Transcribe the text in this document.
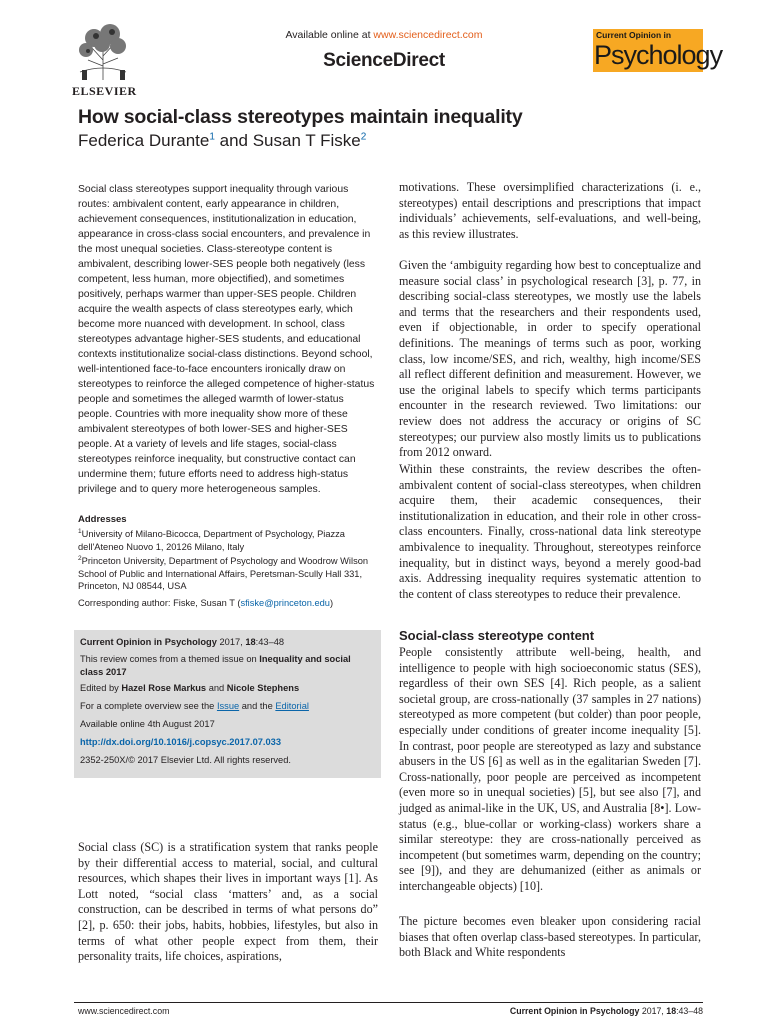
ELSEVIER
Available online at www.sciencedirect.com
ScienceDirect
Current Opinion in
Psychology
How social-class stereotypes maintain inequality
Federica Durante$^1$ and Susan T Fiske$^2$
Social class stereotypes support inequality through various routes: ambivalent content, early appearance in children, achievement consequences, institutionalization in education, appearance in cross-class social encounters, and prevalence in the most unequal societies. Class-stereotype content is ambivalent, describing lower-SES people both negatively (less competent, less human, more objectified), and sometimes positively, perhaps warmer than upper-SES people. Children acquire the wealth aspects of class stereotypes early, which become more nuanced with development. In school, class stereotypes advantage higher-SES students, and educational contexts institutionalize social-class distinctions. Beyond school, well-intentioned face-to-face encounters ironically draw on stereotypes to reinforce the alleged competence of higher-status people and sometimes the alleged warmth of lower-status people. Countries with more inequality show more of these ambivalent stereotypes of both lower-SES and higher-SES people. At a variety of levels and life stages, social-class stereotypes reinforce inequality, but constructive contact can undermine them; future efforts need to address high-status privilege and to query more heterogeneous samples.
Addresses

$^1$University of Milano-Bicocca, Department of Psychology, Piazza dell'Ateneo Nuovo 1, 20126 Milano, Italy

$^2$Princeton University, Department of Psychology and Woodrow Wilson School of Public and International Affairs, Peretsman-Scully Hall 331, Princeton, NJ 08544, USA

Corresponding author: Fiske, Susan T (sfiske@princeton.edu)
Current Opinion in Psychology 2017, 18:43–48
This review comes from a themed issue on Inequality and social class 2017
Edited by Hazel Rose Markus and Nicole Stephens
For a complete overview see the Issue and the Editorial
Available online 4th August 2017
http://dx.doi.org/10.1016/j.copsyc.2017.07.033
2352-250X/© 2017 Elsevier Ltd. All rights reserved.

Social class (SC) is a stratification system that ranks people by their differential access to material, social, and cultural resources, which shapes their lives in important ways [1]. As Lott noted, “social class ‘matters’ and, as a social construction, can be described in terms of what persons do” [2], p. 650: their jobs, habits, hobbies, lifestyles, but also in terms of what other people expect from them, their personality traits, life choices, aspirations,

motivations. These oversimplified characterizations (i. e., stereotypes) entail descriptions and prescriptions that impact individuals’ achievements, self-evaluations, and well-being, as this review illustrates.
Given the ‘ambiguity regarding how best to conceptualize and measure social class’ in psychological research [3], p. 77, in describing social-class stereotypes, we mostly use the labels and terms that the researchers and their respondents used, even if objectionable, in order to specify operational definitions. The meanings of terms such as poor, working class, low income/SES, and rich, wealthy, high income/SES all reflect different definition and measurement. However, we use the original labels to specify which terms participants encounter in the research reviewed. Two limitations: our review does not address the accuracy or origins of SC stereotypes; our purview also mostly limits us to publications from 2012 onward.
Within these constraints, the review describes the often-ambivalent content of social-class stereotypes, when children acquire them, their academic consequences, their institutionalization in education, and their role in other cross-class encounters. Finally, cross-national data link stereotype ambivalence to inequality. Throughout, stereotypes reinforce inequality, but in distinct ways, beyond a merely good-bad axis. Addressing inequality requires systematic attention to the content of class stereotypes to reduce their prevalence.
Social-class stereotype content
People consistently attribute well-being, health, and intelligence to people with high socioeconomic status (SES), regardless of their own SES [4]. Rich people, as a salient societal group, are cross-nationally (37 samples in 27 nations) stereotyped as more competent (but colder) than poor people, especially under conditions of greater income inequality [5]. In contrast, poor people are stereotyped as lazy and substance abusers in the US [6] as well as in the egalitarian Sweden [7]. Cross-nationally, poor people are perceived as incompetent (even more so in unequal societies) [5], but see also [7], and judged as animal-like in the UK, US, and Australia [8•]. Low-status (e.g., blue-collar or working-class) workers share a similar stereotype: they are cross-nationally perceived as incompetent (but sometimes warm, depending on the country; see [9]), and they are dehumanized (either as animals or interchangeable objects) [10].
The picture becomes even bleaker upon considering racial biases that often overlap class-based stereotypes. In particular, both Black and White respondents
www.sciencedirect.com	Current Opinion in Psychology 2017, 18:43–48
